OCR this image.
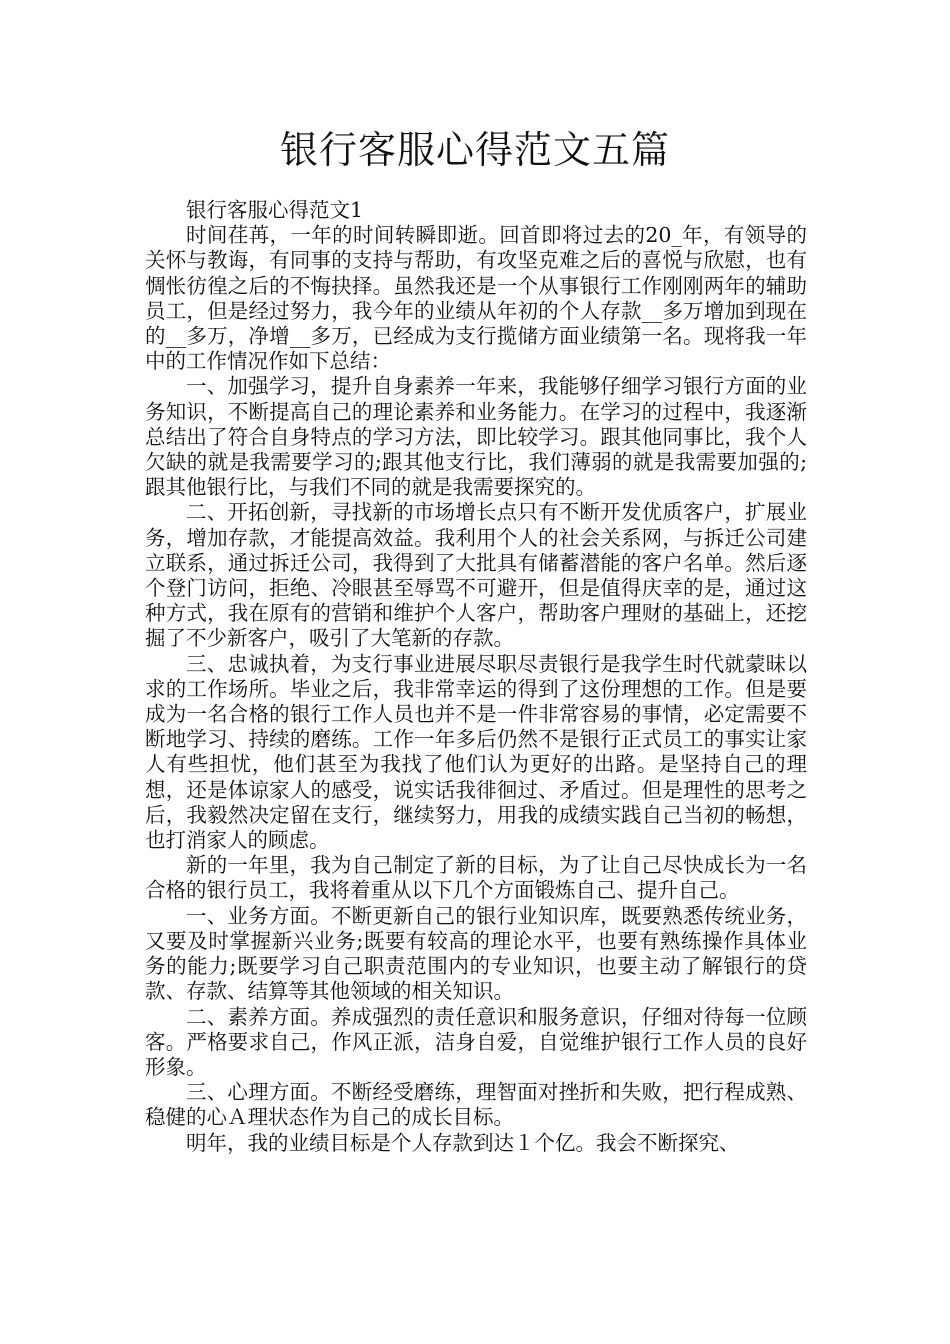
银行客服心得范文五篇

银行客服心得范文1

时间荏苒，一年的时间转瞬即逝。回首即将过去的20_年，有领导的关怀与教诲，有同事的支持与帮助，有攻坚克难之后的喜悦与欣慰，也有惆怅彷徨之后的不悔抉择。虽然我还是一个从事银行工作刚刚两年的辅助员工，但是经过努力，我今年的业绩从年初的个人存款__多万增加到现在的__多万，净增__多万，已经成为支行揽储方面业绩第一名。现将我一年中的工作情况作如下总结：

一、加强学习，提升自身素养一年来，我能够仔细学习银行方面的业务知识，不断提高自己的理论素养和业务能力。在学习的过程中，我逐渐总结出了符合自身特点的学习方法，即比较学习。跟其他同事比，我个人欠缺的就是我需要学习的;跟其他支行比，我们薄弱的就是我需要加强的;跟其他银行比，与我们不同的就是我需要探究的。

二、开拓创新，寻找新的市场增长点只有不断开发优质客户，扩展业务，增加存款，才能提高效益。我利用个人的社会关系网，与拆迁公司建立联系，通过拆迁公司，我得到了大批具有储蓄潜能的客户名单。然后逐个登门访问，拒绝、冷眼甚至辱骂不可避开，但是值得庆幸的是，通过这种方式，我在原有的营销和维护个人客户，帮助客户理财的基础上，还挖掘了不少新客户，吸引了大笔新的存款。

三、忠诚执着，为支行事业进展尽职尽责银行是我学生时代就蒙昧以求的工作场所。毕业之后，我非常幸运的得到了这份理想的工作。但是要成为一名合格的银行工作人员也并不是一件非常容易的事情，必定需要不断地学习、持续的磨练。工作一年多后仍然不是银行正式员工的事实让家人有些担忧，他们甚至为我找了他们认为更好的出路。是坚持自己的理想，还是体谅家人的感受，说实话我徘徊过、矛盾过。但是理性的思考之后，我毅然决定留在支行，继续努力，用我的成绩实践自己当初的畅想，也打消家人的顾虑。

新的一年里，我为自己制定了新的目标，为了让自己尽快成长为一名合格的银行员工，我将着重从以下几个方面锻炼自己、提升自己。

一、业务方面。不断更新自己的银行业知识库，既要熟悉传统业务，又要及时掌握新兴业务;既要有较高的理论水平，也要有熟练操作具体业务的能力;既要学习自己职责范围内的专业知识，也要主动了解银行的贷款、存款、结算等其他领域的相关知识。

二、素养方面。养成强烈的责任意识和服务意识，仔细对待每一位顾客。严格要求自己，作风正派，洁身自爱，自觉维护银行工作人员的良好形象。

三、心理方面。不断经受磨练，理智面对挫折和失败，把行程成熟、稳健的心Ａ理状态作为自己的成长目标。

明年，我的业绩目标是个人存款到达１个亿。我会不断探究、
